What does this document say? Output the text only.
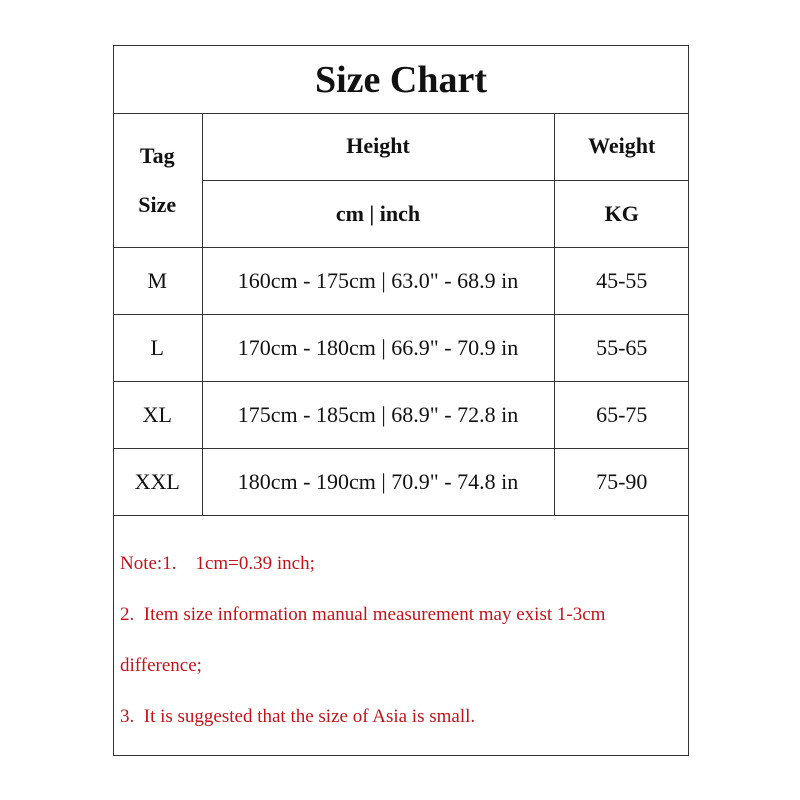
Size Chart
Tag
Size	Height	Weight
	cm | inch	KG
M	160cm - 175cm | 63.0" - 68.9 in	45-55
L	170cm - 180cm | 66.9" - 70.9 in	55-65
XL	175cm - 185cm | 68.9" - 72.8 in	65-75
XXL	180cm - 190cm | 70.9" - 74.8 in	75-90
Note:1.    1cm=0.39 inch;
2.  Item size information manual measurement may exist 1-3cm
difference;
3.  It is suggested that the size of Asia is small.
